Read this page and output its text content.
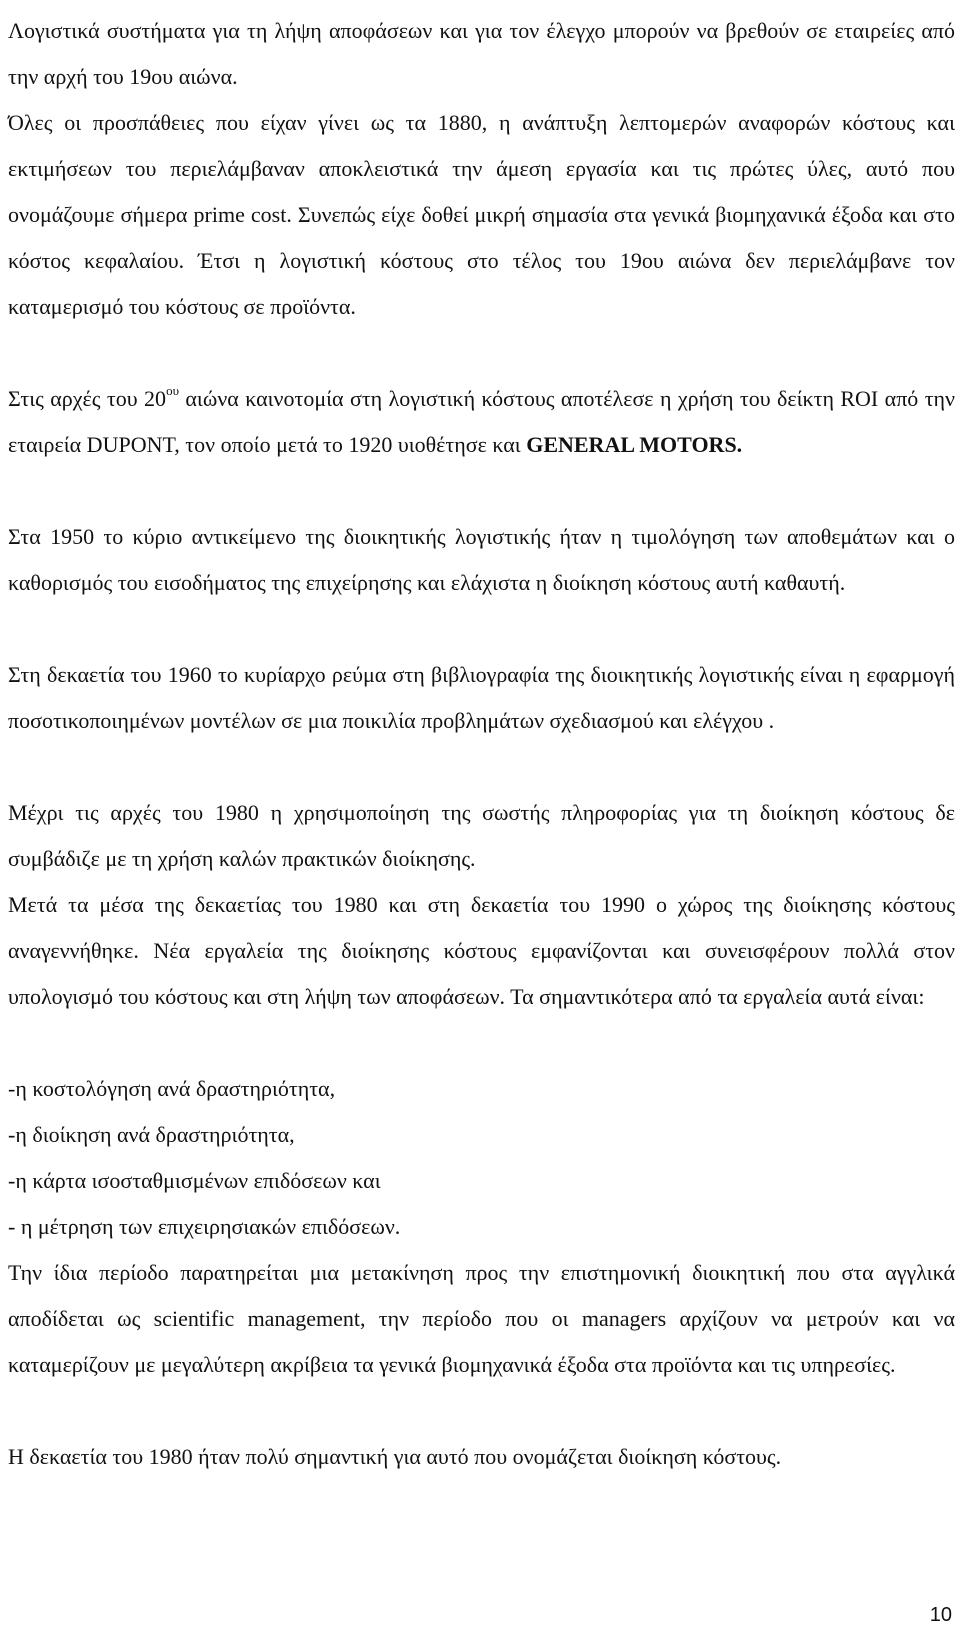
Λογιστικά συστήματα για τη λήψη αποφάσεων και για τον έλεγχο μπορούν να βρεθούν σε εταιρείες από την αρχή του 19ου αιώνα.

Όλες οι προσπάθειες που είχαν γίνει ως τα 1880, η ανάπτυξη λεπτομερών αναφορών κόστους και εκτιμήσεων του περιελάμβαναν αποκλειστικά την άμεση εργασία και τις πρώτες ύλες, αυτό που ονομάζουμε σήμερα prime cost. Συνεπώς είχε δοθεί μικρή σημασία στα γενικά βιομηχανικά έξοδα και στο κόστος κεφαλαίου. Έτσι η λογιστική κόστους στο τέλος του 19ου αιώνα δεν περιελάμβανε τον καταμερισμό του κόστους σε προϊόντα.

Στις αρχές του $20^{o\upsilon}$ αιώνα καινοτομία στη λογιστική κόστους αποτέλεσε η χρήση του δείκτη ROI από την εταιρεία DUPONT, τον οποίο μετά το 1920 υιοθέτησε και GENERAL MOTORS.

Στα 1950 το κύριο αντικείμενο της διοικητικής λογιστικής ήταν η τιμολόγηση των αποθεμάτων και ο καθορισμός του εισοδήματος της επιχείρησης και ελάχιστα η διοίκηση κόστους αυτή καθαυτή.

Στη δεκαετία του 1960 το κυρίαρχο ρεύμα στη βιβλιογραφία της διοικητικής λογιστικής είναι η εφαρμογή ποσοτικοποιημένων μοντέλων σε μια ποικιλία προβλημάτων σχεδιασμού και ελέγχου .

Μέχρι τις αρχές του 1980 η χρησιμοποίηση της σωστής πληροφορίας για τη διοίκηση κόστους δε συμβάδιζε με τη χρήση καλών πρακτικών διοίκησης.

Μετά τα μέσα της δεκαετίας του 1980 και στη δεκαετία του 1990 ο χώρος της διοίκησης κόστους αναγεννήθηκε. Νέα εργαλεία της διοίκησης κόστους εμφανίζονται και συνεισφέρουν πολλά στον υπολογισμό του κόστους και στη λήψη των αποφάσεων. Τα σημαντικότερα από τα εργαλεία αυτά είναι:

-η κοστολόγηση ανά δραστηριότητα,

-η διοίκηση ανά δραστηριότητα,

-η κάρτα ισοσταθμισμένων επιδόσεων και

- η μέτρηση των επιχειρησιακών επιδόσεων.

Την ίδια περίοδο παρατηρείται μια μετακίνηση προς την επιστημονική διοικητική που στα αγγλικά αποδίδεται ως scientific management, την περίοδο που οι managers αρχίζουν να μετρούν και να καταμερίζουν με μεγαλύτερη ακρίβεια τα γενικά βιομηχανικά έξοδα στα προϊόντα και τις υπηρεσίες.

Η δεκαετία του 1980 ήταν πολύ σημαντική για αυτό που ονομάζεται διοίκηση κόστους.

10
